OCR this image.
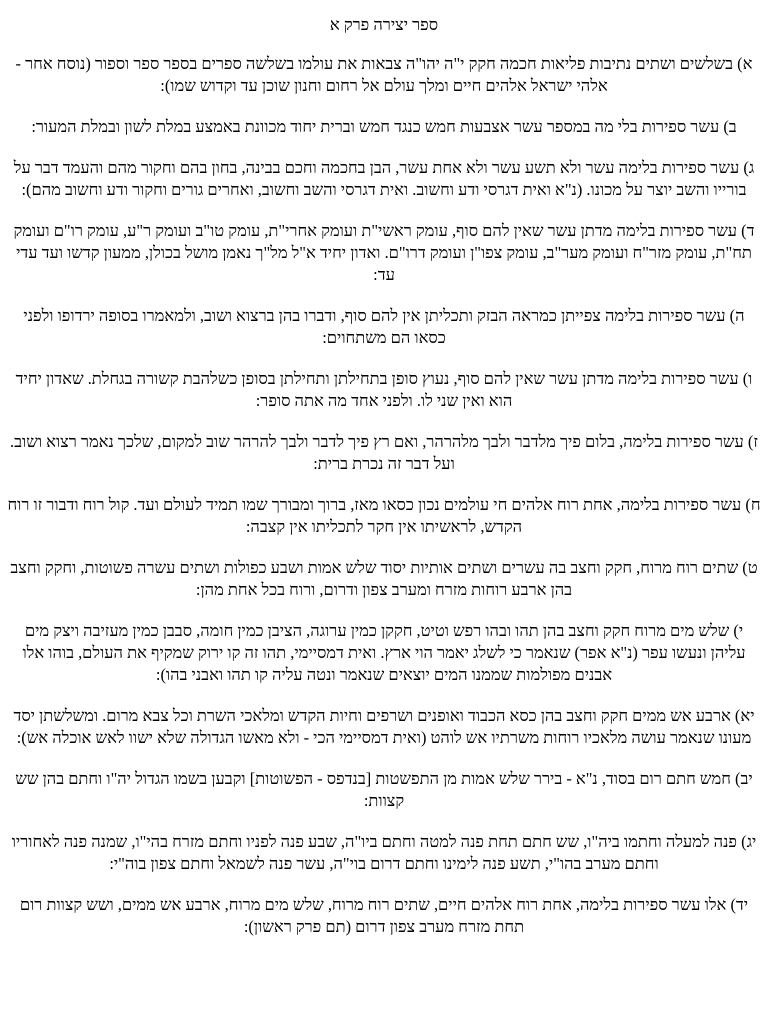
ספר יצירה פרק א

א) בשלשים ושתים נתיבות פליאות חכמה חקק י"ה יהו"ה צבאות את עולמו בשלשה ספרים בספר ספר וספור (נוסח אחר - אלהי ישראל אלהים חיים ומלך עולם אל רחום וחנון שוכן עד וקדוש שמו):

ב) עשר ספירות בלי מה במספר עשר אצבעות חמש כנגד חמש וברית יחוד מכוונת באמצע במלת לשון ובמלת המעור:

ג) עשר ספירות בלימה עשר ולא תשע עשר ולא אחת עשר, הבן בחכמה וחכם בבינה, בחון בהם וחקור מהם והעמד דבר על בורייו והשב יוצר על מכונו. (נ"א ואית דגרסי ודע וחשוב. ואית דגרסי והשב וחשוב, ואחרים גורים וחקור ודע וחשוב מהם):

ד) עשר ספירות בלימה מדתן עשר שאין להם סוף, עומק ראשי"ת ועומק אחרי"ת, עומק טו"ב ועומק ר"ע, עומק רו"ם ועומק תח"ת, עומק מזר"ח ועומק מער"ב, עומק צפו"ן ועומק דרו"ם. ואדון יחיד א"ל מל"ך נאמן מושל בכולן, ממעון קדשו ועד עדי עד:

ה) עשר ספירות בלימה צפייתן כמראה הבזק ותכליתן אין להם סוף, ודברו בהן ברצוא ושוב, ולמאמרו בסופה ירדופו ולפני כסאו הם משתחוים:

ו) עשר ספירות בלימה מדתן עשר שאין להם סוף, נעוץ סופן בתחילתן ותחילתן בסופן כשלהבת קשורה בגחלת. שאדון יחיד הוא ואין שני לו. ולפני אחד מה אתה סופר:

ז) עשר ספירות בלימה, בלום פיך מלדבר ולבך מלהרהר, ואם רץ פיך לדבר ולבך להרהר שוב למקום, שלכך נאמר רצוא ושוב. ועל דבר זה נכרת ברית:

ח) עשר ספירות בלימה, אחת רוח אלהים חי עולמים נכון כסאו מאז, ברוך ומבורך שמו תמיד לעולם ועד. קול רוח ודבור זו רוח הקדש, לראשיתו אין חקר לתכליתו אין קצבה:

ט) שתים רוח מרוח, חקק וחצב בה עשרים ושתים אותיות יסוד שלש אמות ושבע כפולות ושתים עשרה פשוטות, וחקק וחצב בהן ארבע רוחות מזרח ומערב צפון ודרום, ורוח בכל אחת מהן:

י) שלש מים מרוח חקק וחצב בהן תהו ובהו רפש וטיט, חקקן כמין ערוגה, הציבן כמין חומה, סבבן כמין מעזיבה ויצק מים עליהן ונעשו עפר (נ"א אפר) שנאמר כי לשלג יאמר הוי ארץ. ואית דמסיימי, תהו זה קו ירוק שמקיף את העולם, בוהו אלו אבנים מפולמות שממנו המים יוצאים שנאמר ונטה עליה קו תהו ואבני בהו):

יא) ארבע אש ממים חקק וחצב בהן כסא הכבוד ואופנים ושרפים וחיות הקדש ומלאכי השרת וכל צבא מרום. ומשלשתן יסד מעונו שנאמר עושה מלאכיו רוחות משרתיו אש לוהט (ואית דמסיימי הכי - ולא מאשו הגדולה שלא ישוו לאש אוכלה אש):

יב) חמש חתם רום בסוד, נ"א - בירר שלש אמות מן התפשטות [בנדפס - הפשוטות] וקבען בשמו הגדול יה"ו וחתם בהן שש קצוות:

יג) פנה למעלה וחתמו ביה"ו, שש חתם תחת פנה למטה וחתם ביו"ה, שבע פנה לפניו וחתם מזרח בהי"ו, שמנה פנה לאחוריו וחתם מערב בהו"י, תשע פנה לימינו וחתם דרום בוי"ה, עשר פנה לשמאל וחתם צפון בוה"י:

יד) אלו עשר ספירות בלימה, אחת רוח אלהים חיים, שתים רוח מרוח, שלש מים מרוח, ארבע אש ממים, ושש קצוות רום תחת מזרח מערב צפון דרום (תם פרק ראשון):
